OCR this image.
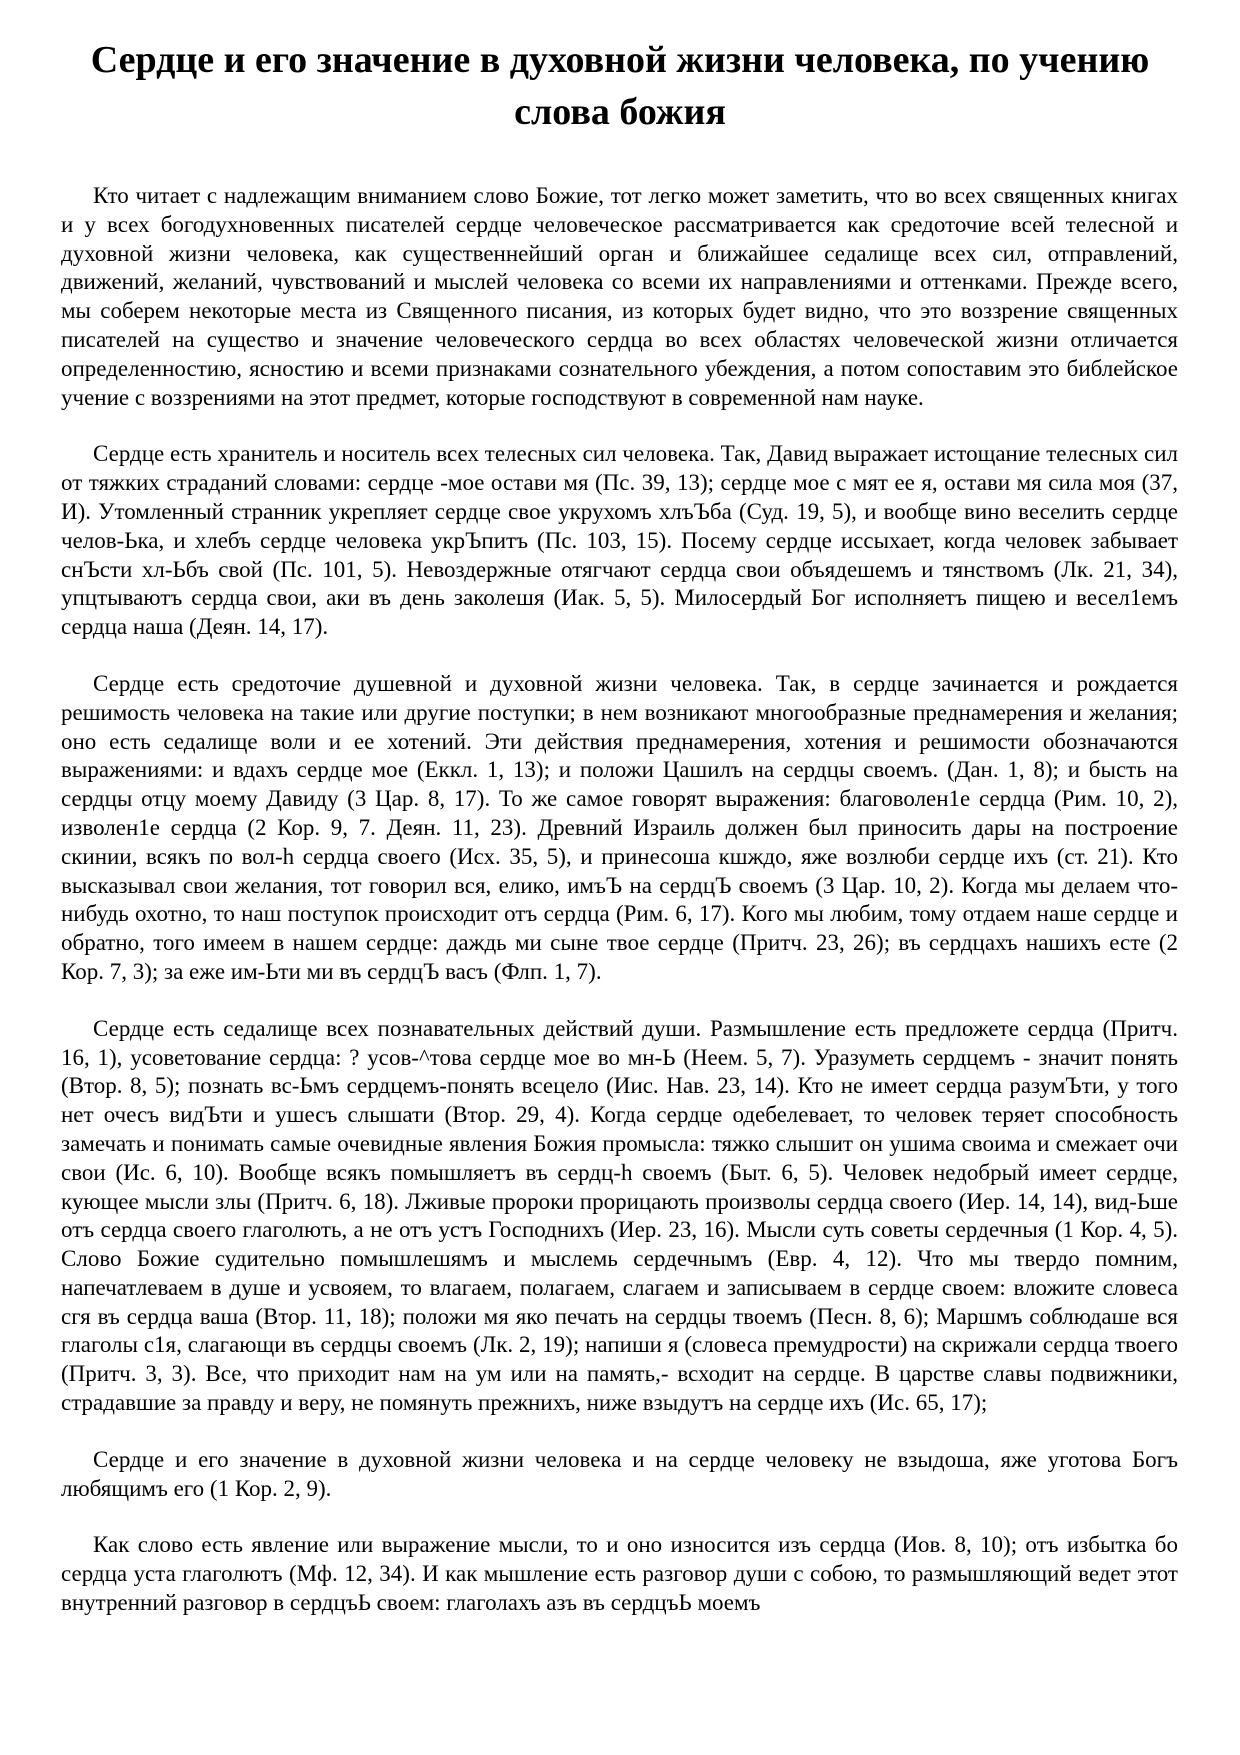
Сердце и его значение в духовной жизни человека, по учению слова божия

Кто читает с надлежащим вниманием слово Божие, тот легко может заметить, что во всех священных книгах и у всех богодухновенных писателей сердце человеческое рассматривается как средоточие всей телесной и духовной жизни человека, как существеннейший орган и ближайшее седалище всех сил, отправлений, движений, желаний, чувствований и мыслей человека со всеми их направлениями и оттенками. Прежде всего, мы соберем некоторые места из Священного писания, из которых будет видно, что это воззрение священных писателей на существо и значение человеческого сердца во всех областях человеческой жизни отличается определенностию, ясностию и всеми признаками сознательного убеждения, а потом сопоставим это библейское учение с воззрениями на этот предмет, которые господствуют в современной нам науке.

Сердце есть хранитель и носитель всех телесных сил человека. Так, Давид выражает истощание телесных сил от тяжких страданий словами: сердце -мое остави мя (Пс. 39, 13); сердце мое с мят ее я, остави мя сила моя (37, И). Утомленный странник укрепляет сердце свое укрухомъ хлъЪба (Суд. 19, 5), и вообще вино веселить сердце челов-Ька, и хлебъ сердце человека укрЪпитъ (Пс. 103, 15). Посему сердце иссыхает, когда человек забывает снЪсти хл-Ьбъ свой (Пс. 101, 5). Невоздержные отягчают сердца свои объядешемъ и тянствомъ (Лк. 21, 34), упцтываютъ сердца свои, аки въ день заколешя (Иак. 5, 5). Милосердый Бог исполняетъ пищею и весел1емъ сердца наша (Деян. 14, 17).

Сердце есть средоточие душевной и духовной жизни человека. Так, в сердце зачинается и рождается решимость человека на такие или другие поступки; в нем возникают многообразные преднамерения и желания; оно есть седалище воли и ее хотений. Эти действия преднамерения, хотения и решимости обозначаются выражениями: и вдахъ сердце мое (Еккл. 1, 13); и положи Цашилъ на сердцы своемъ. (Дан. 1, 8); и бысть на сердцы отцу моему Давиду (3 Цар. 8, 17). То же самое говорят выражения: благоволен1е сердца (Рим. 10, 2), изволен1е сердца (2 Кор. 9, 7. Деян. 11, 23). Древний Израиль должен был приносить дары на построение скинии, всякъ по вол-h сердца своего (Исх. 35, 5), и принесоша кшждо, яже возлюби сердце ихъ (ст. 21). Кто высказывал свои желания, тот говорил вся, елико, имъЪ на сердцЪ своемъ (3 Цар. 10, 2). Когда мы делаем что-нибудь охотно, то наш поступок происходит отъ сердца (Рим. 6, 17). Кого мы любим, тому отдаем наше сердце и обратно, того имеем в нашем сердце: даждь ми сыне твое сердце (Притч. 23, 26); въ сердцахъ нашихъ есте (2 Кор. 7, 3); за еже им-Ьти ми въ сердцЪ васъ (Флп. 1, 7).

Сердце есть седалище всех познавательных действий души. Размышление есть предложете сердца (Притч. 16, 1), усоветование сердца: ? усов-^това сердце мое во мн-Ь (Неем. 5, 7). Уразуметь сердцемъ - значит понять (Втор. 8, 5); познать вс-Ьмъ сердцемъ-понять всецело (Иис. Нав. 23, 14). Кто не имеет сердца разумЪти, у того нет очесъ видЪти и ушесъ слышати (Втор. 29, 4). Когда сердце одебелевает, то человек теряет способность замечать и понимать самые очевидные явления Божия промысла: тяжко слышит он ушима своима и смежает очи свои (Ис. 6, 10). Вообще всякъ помышляетъ въ сердц-h своемъ (Быт. 6, 5). Человек недобрый имеет сердце, кующее мысли злы (Притч. 6, 18). Лживые пророки прорицають произволы сердца своего (Иер. 14, 14), вид-Ьше отъ сердца своего глаголють, а не отъ устъ Господнихъ (Иер. 23, 16). Мысли суть советы сердечныя (1 Кор. 4, 5). Слово Божие судительно помышлешямъ и мыслемь сердечнымъ (Евр. 4, 12). Что мы твердо помним, напечатлеваем в душе и усвояем, то влагаем, полагаем, слагаем и записываем в сердце своем: вложите словеса сгя въ сердца ваша (Втор. 11, 18); положи мя яко печать на сердцы твоемъ (Песн. 8, 6); Маршмъ соблюдаше вся глаголы с1я, слагающи въ сердцы своемъ (Лк. 2, 19); напиши я (словеса премудрости) на скрижали сердца твоего (Притч. 3, 3). Все, что приходит нам на ум или на память,- всходит на сердце. В царстве славы подвижники, страдавшие за правду и веру, не помянуть прежнихъ, ниже взыдутъ на сердце ихъ (Ис. 65, 17);

Сердце и его значение в духовной жизни человека и на сердце человеку не взыдоша, яже уготова Богъ любящимъ его (1 Кор. 2, 9).

Как слово есть явление или выражение мысли, то и оно износится изъ сердца (Иов. 8, 10); отъ избытка бо сердца уста глаголютъ (Мф. 12, 34). И как мышление есть разговор души с собою, то размышляющий ведет этот внутренний разговор в сердцъЬ своем: глаголахъ азъ въ сердцъЬ моемъ
